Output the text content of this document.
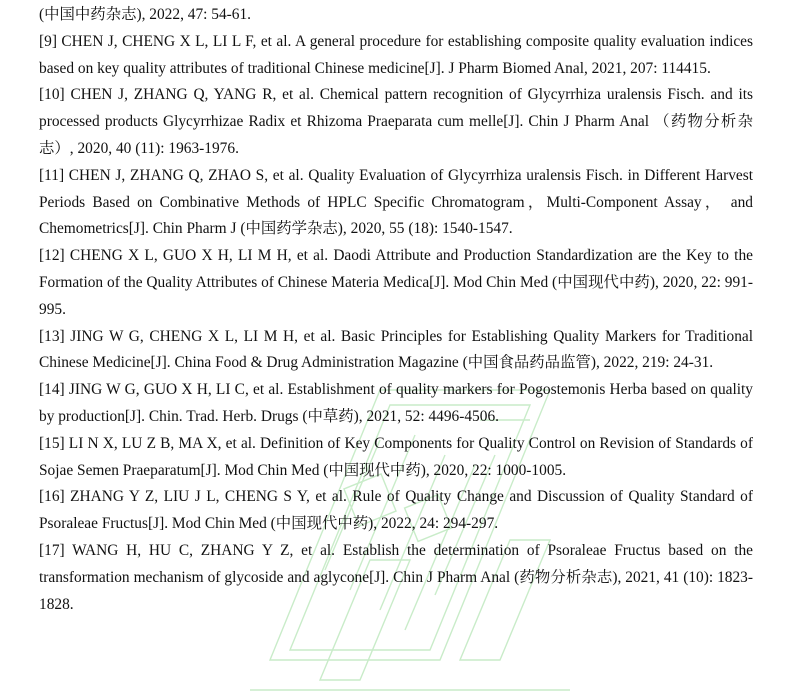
(中国中药杂志), 2022, 47: 54-61.
[9] CHEN J, CHENG X L, LI L F, et al. A general procedure for establishing composite quality evaluation indices based on key quality attributes of traditional Chinese medicine[J]. J Pharm Biomed Anal, 2021, 207: 114415.
[10] CHEN J, ZHANG Q, YANG R, et al. Chemical pattern recognition of Glycyrrhiza uralensis Fisch. and its processed products Glycyrrhizae Radix et Rhizoma Praeparata cum melle[J]. Chin J Pharm Anal （药物分析杂志）, 2020, 40 (11): 1963-1976.
[11] CHEN J, ZHANG Q, ZHAO S, et al. Quality Evaluation of Glycyrrhiza uralensis Fisch. in Different Harvest Periods Based on Combinative Methods of HPLC Specific Chromatogram，Multi-Component Assay， and Chemometrics[J]. Chin Pharm J (中国药学杂志), 2020, 55 (18): 1540-1547.
[12] CHENG X L, GUO X H, LI M H, et al. Daodi Attribute and Production Standardization are the Key to the Formation of the Quality Attributes of Chinese Materia Medica[J]. Mod Chin Med (中国现代中药), 2020, 22: 991-995.
[13] JING W G, CHENG X L, LI M H, et al. Basic Principles for Establishing Quality Markers for Traditional Chinese Medicine[J]. China Food & Drug Administration Magazine (中国食品药品监管), 2022, 219: 24-31.
[14] JING W G, GUO X H, LI C, et al. Establishment of quality markers for Pogostemonis Herba based on quality by production[J]. Chin. Trad. Herb. Drugs (中草药), 2021, 52: 4496-4506.
[15] LI N X, LU Z B, MA X, et al. Definition of Key Components for Quality Control on Revision of Standards of Sojae Semen Praeparatum[J]. Mod Chin Med (中国现代中药), 2020, 22: 1000-1005.
[16] ZHANG Y Z, LIU J L, CHENG S Y, et al. Rule of Quality Change and Discussion of Quality Standard of Psoraleae Fructus[J]. Mod Chin Med (中国现代中药), 2022, 24: 294-297.
[17] WANG H, HU C, ZHANG Y Z, et al. Establish the determination of Psoraleae Fructus based on the transformation mechanism of glycoside and aglycone[J]. Chin J Pharm Anal (药物分析杂志), 2021, 41 (10): 1823-1828.
